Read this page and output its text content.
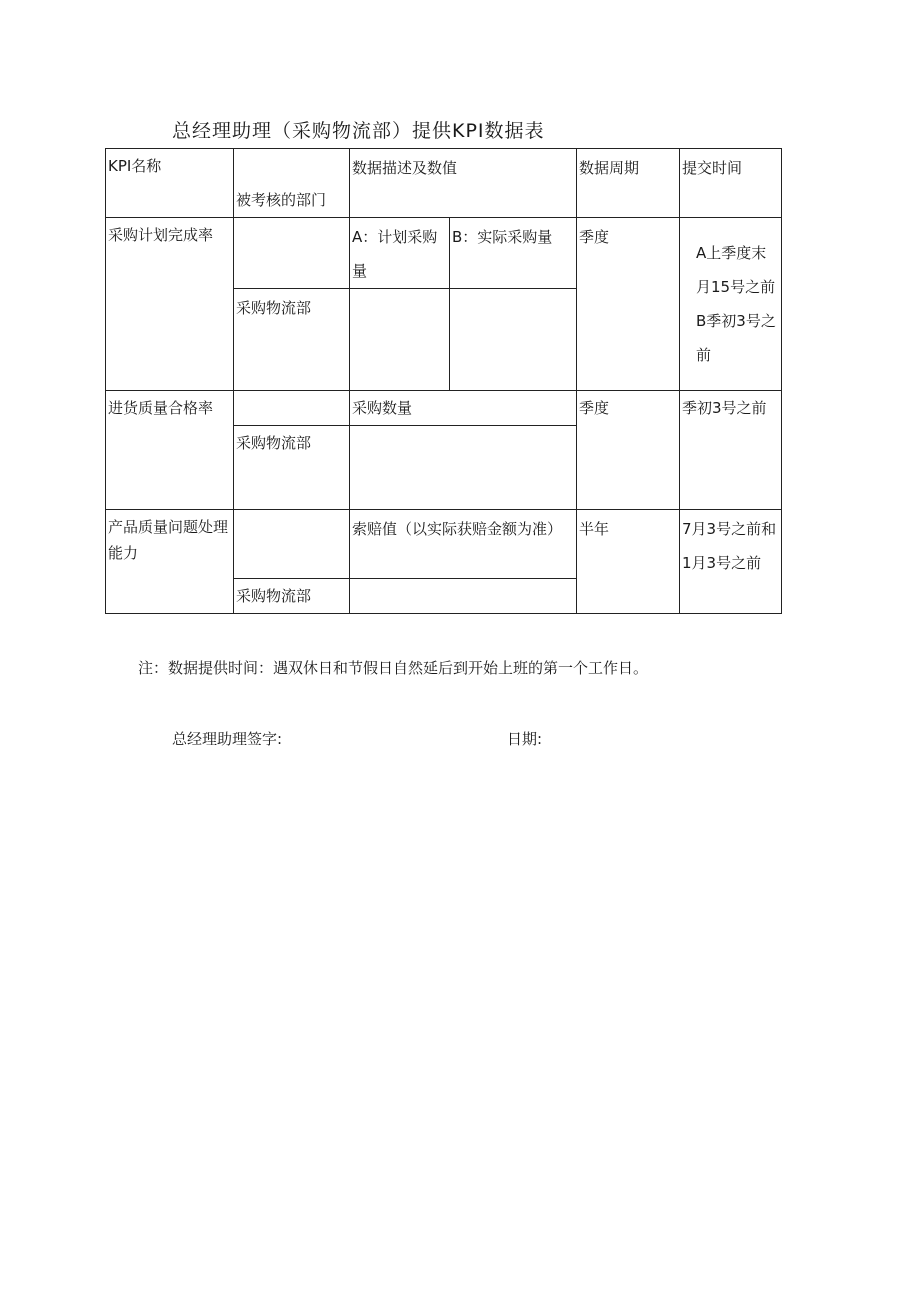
总经理助理（采购物流部）提供KPI数据表
KPI名称	被考核的部门	数据描述及数值		数据周期	提交时间

采购计划完成率		A：计划采购量	B：实际采购量	季度	A上季度末月15号之前B季初3号之前

	采购物流部				

进货质量合格率		采购数量		季度	季初3号之前

	采购物流部				

产品质量问题处理能力		索赔值（以实际获赔金额为准）		半年	7月3号之前和1月3号之前

	采购物流部				

注：数据提供时间：遇双休日和节假日自然延后到开始上班的第一个工作日。
总经理助理签字:	日期:
